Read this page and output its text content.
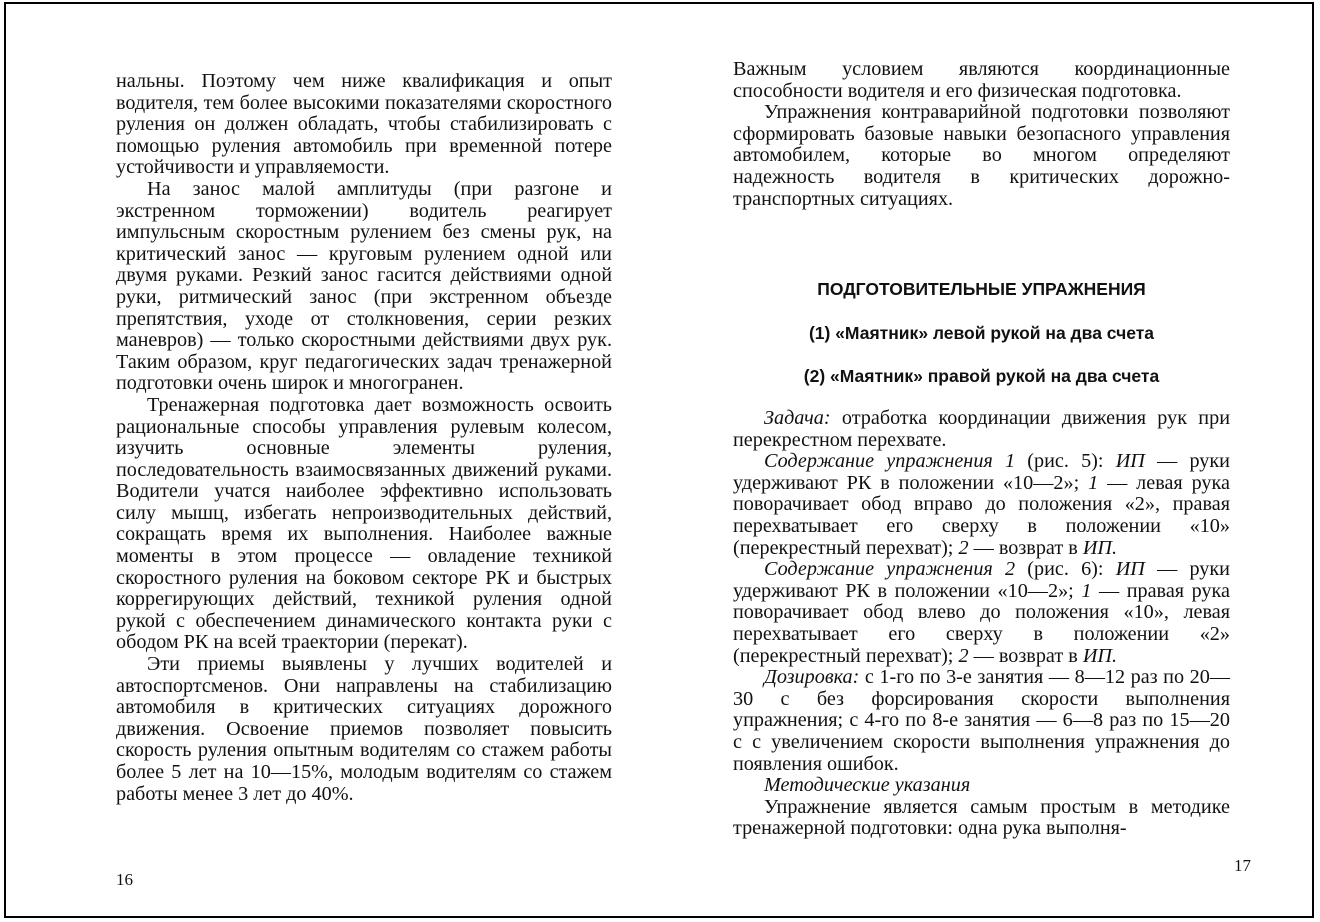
нальны. Поэтому чем ниже квалификация и опыт водителя, тем более высокими показателями скоростного руления он должен обладать, чтобы стабилизировать с помощью руления автомобиль при временной потере устойчивости и управляемости.

На занос малой амплитуды (при разгоне и экстренном торможении) водитель реагирует импульсным скоростным рулением без смены рук, на критический занос — круговым рулением одной или двумя руками. Резкий занос гасится действиями одной руки, ритмический занос (при экстренном объезде препятствия, уходе от столкновения, серии резких маневров) — только скоростными действиями двух рук. Таким образом, круг педагогических задач тренажерной подготовки очень широк и многогранен.

Тренажерная подготовка дает возможность освоить рациональные способы управления рулевым колесом, изучить основные элементы руления, последовательность взаимосвязанных движений руками. Водители учатся наиболее эффективно использовать силу мышц, избегать непроизводительных действий, сокращать время их выполнения. Наиболее важные моменты в этом процессе — овладение техникой скоростного руления на боковом секторе РК и быстрых коррегирующих действий, техникой руления одной рукой с обеспечением динамического контакта руки с ободом РК на всей траектории (перекат).

Эти приемы выявлены у лучших водителей и автоспортсменов. Они направлены на стабилизацию автомобиля в критических ситуациях дорожного движения. Освоение приемов позволяет повысить скорость руления опытным водителям со стажем работы более 5 лет на 10—15%, молодым водителям со стажем работы менее 3 лет до 40%.

16

Важным условием являются координационные способности водителя и его физическая подготовка.

Упражнения контраварийной подготовки позволяют сформировать базовые навыки безопасного управления автомобилем, которые во многом определяют надежность водителя в критических дорожно-транспортных ситуациях.

ПОДГОТОВИТЕЛЬНЫЕ УПРАЖНЕНИЯ
(1) «Маятник» левой рукой на два счета
(2) «Маятник» правой рукой на два счета

Задача: отработка координации движения рук при перекрестном перехвате.

Содержание упражнения 1 (рис. 5): ИП — руки удерживают РК в положении «10—2»; 1 — левая рука поворачивает обод вправо до положения «2», правая перехватывает его сверху в положении «10» (перекрестный перехват); 2 — возврат в ИП.

Содержание упражнения 2 (рис. 6): ИП — руки удерживают РК в положении «10—2»; 1 — правая рука поворачивает обод влево до положения «10», левая перехватывает его сверху в положении «2» (перекрестный перехват); 2 — возврат в ИП.

Дозировка: с 1-го по 3-е занятия — 8—12 раз по 20—30 с без форсирования скорости выполнения упражнения; с 4-го по 8-е занятия — 6—8 раз по 15—20 с с увеличением скорости выполнения упражнения до появления ошибок.

Методические указания

Упражнение является самым простым в методике тренажерной подготовки: одна рука выполня-

17
